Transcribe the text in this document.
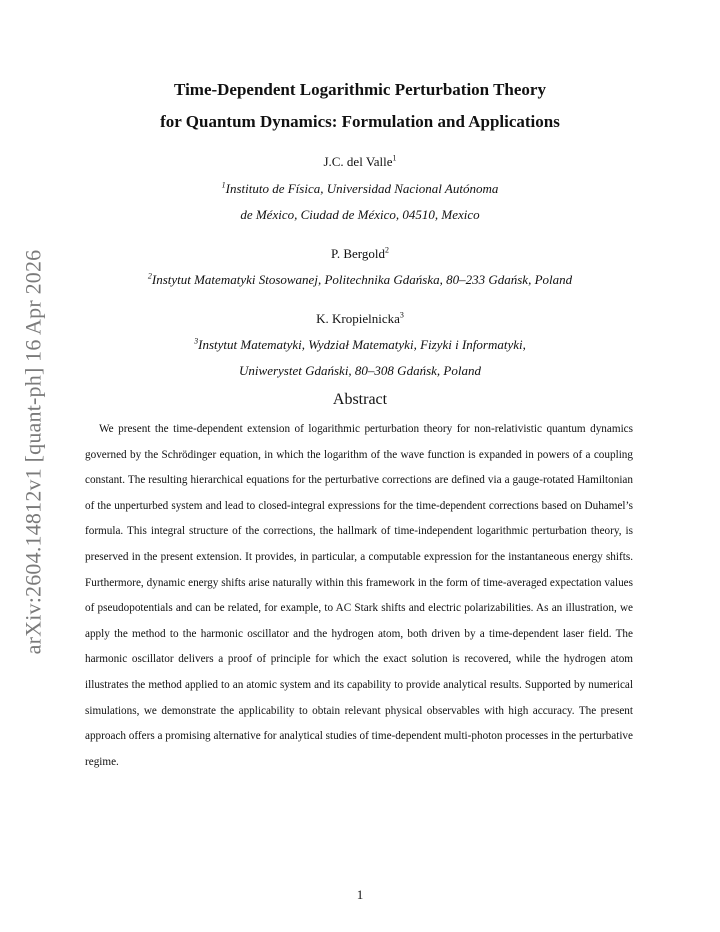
arXiv:2604.14812v1 [quant-ph] 16 Apr 2026
Time-Dependent Logarithmic Perturbation Theory
for Quantum Dynamics: Formulation and Applications
J.C. del Valle$^1$
$^1$Instituto de Física, Universidad Nacional Autónoma
de México, Ciudad de México, 04510, Mexico
P. Bergold$^2$
$^2$Instytut Matematyki Stosowanej, Politechnika Gdańska, 80–233 Gdańsk, Poland
K. Kropielnicka$^3$
$^3$Instytut Matematyki, Wydział Matematyki, Fizyki i Informatyki,
Uniwerystet Gdański, 80–308 Gdańsk, Poland
Abstract

We present the time-dependent extension of logarithmic perturbation theory for non-relativistic quantum dynamics governed by the Schrödinger equation, in which the logarithm of the wave function is expanded in powers of a coupling constant. The resulting hierarchical equations for the perturbative corrections are defined via a gauge-rotated Hamiltonian of the unperturbed system and lead to closed-integral expressions for the time-dependent corrections based on Duhamel’s formula. This integral structure of the corrections, the hallmark of time-independent logarithmic perturbation theory, is preserved in the present extension. It provides, in particular, a computable expression for the instantaneous energy shifts. Furthermore, dynamic energy shifts arise naturally within this framework in the form of time-averaged expectation values of pseudopotentials and can be related, for example, to AC Stark shifts and electric polarizabilities. As an illustration, we apply the method to the harmonic oscillator and the hydrogen atom, both driven by a time-dependent laser field. The harmonic oscillator delivers a proof of principle for which the exact solution is recovered, while the hydrogen atom illustrates the method applied to an atomic system and its capability to provide analytical results. Supported by numerical simulations, we demonstrate the applicability to obtain relevant physical observables with high accuracy. The present approach offers a promising alternative for analytical studies of time-dependent multi-photon processes in the perturbative regime.

1
